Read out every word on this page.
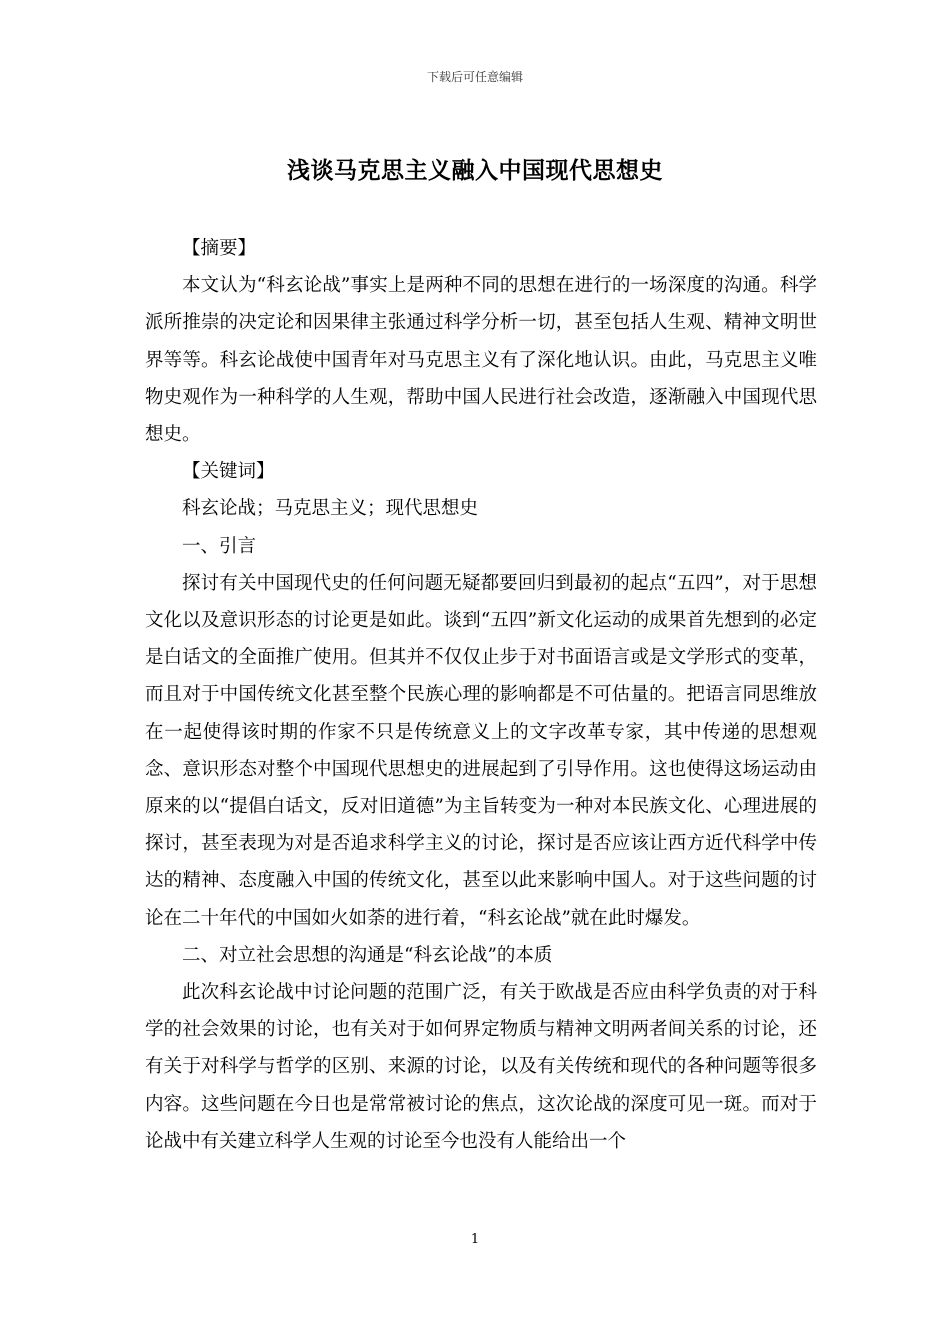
下载后可任意编辑
浅谈马克思主义融入中国现代思想史

【摘要】

本文认为“科玄论战”事实上是两种不同的思想在进行的一场深度的沟通。科学派所推崇的决定论和因果律主张通过科学分析一切，甚至包括人生观、精神文明世界等等。科玄论战使中国青年对马克思主义有了深化地认识。由此，马克思主义唯物史观作为一种科学的人生观，帮助中国人民进行社会改造，逐渐融入中国现代思想史。

【关键词】

科玄论战；马克思主义；现代思想史

一、引言

探讨有关中国现代史的任何问题无疑都要回归到最初的起点“五四”，对于思想文化以及意识形态的讨论更是如此。谈到“五四”新文化运动的成果首先想到的必定是白话文的全面推广使用。但其并不仅仅止步于对书面语言或是文学形式的变革，而且对于中国传统文化甚至整个民族心理的影响都是不可估量的。把语言同思维放在一起使得该时期的作家不只是传统意义上的文字改革专家，其中传递的思想观念、意识形态对整个中国现代思想史的进展起到了引导作用。这也使得这场运动由原来的以“提倡白话文，反对旧道德”为主旨转变为一种对本民族文化、心理进展的探讨，甚至表现为对是否追求科学主义的讨论，探讨是否应该让西方近代科学中传达的精神、态度融入中国的传统文化，甚至以此来影响中国人。对于这些问题的讨论在二十年代的中国如火如荼的进行着，“科玄论战”就在此时爆发。

二、对立社会思想的沟通是“科玄论战”的本质

此次科玄论战中讨论问题的范围广泛，有关于欧战是否应由科学负责的对于科学的社会效果的讨论，也有关对于如何界定物质与精神文明两者间关系的讨论，还有关于对科学与哲学的区别、来源的讨论，以及有关传统和现代的各种问题等很多内容。这些问题在今日也是常常被讨论的焦点，这次论战的深度可见一斑。而对于论战中有关建立科学人生观的讨论至今也没有人能给出一个

1
